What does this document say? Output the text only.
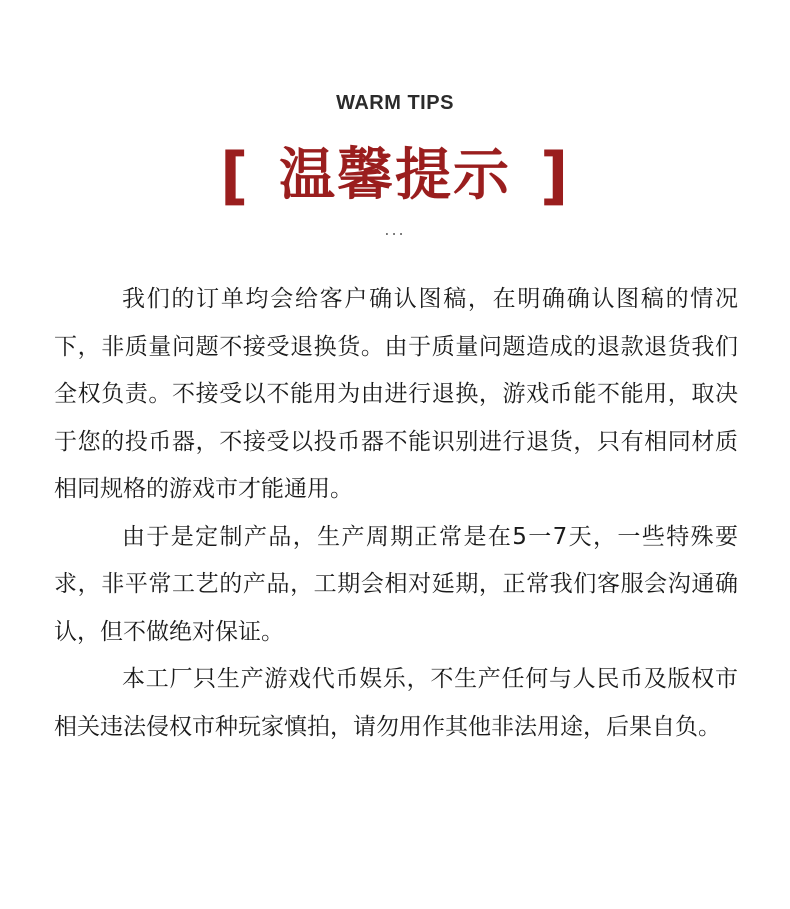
WARM TIPS
[ 温馨提示 ]
...

我们的订单均会给客户确认图稿，在明确确认图稿的情况下，非质量问题不接受退换货。由于质量问题造成的退款退货我们全权负责。不接受以不能用为由进行退换，游戏币能不能用，取决于您的投币器，不接受以投币器不能识别进行退货，只有相同材质相同规格的游戏市才能通用。

由于是定制产品，生产周期正常是在5一7天，一些特殊要求，非平常工艺的产品，工期会相对延期，正常我们客服会沟通确认，但不做绝对保证。

本工厂只生产游戏代币娱乐，不生产任何与人民币及版权市相关违法侵权市种玩家慎拍，请勿用作其他非法用途，后果自负。
